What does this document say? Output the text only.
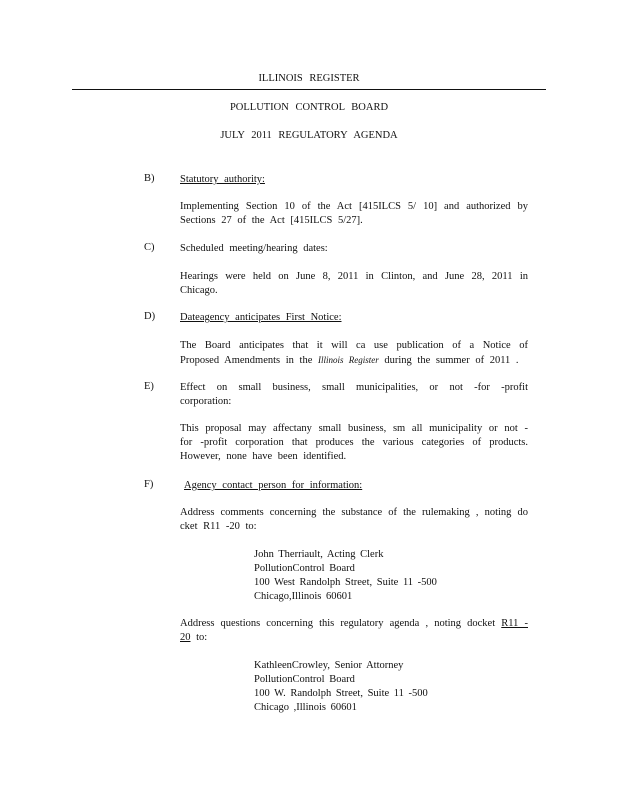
ILLINOIS REGISTER
POLLUTION CONTROL BOARD
JULY 2011 REGULATORY AGENDA
B) Statutory authority:
Implementing Section 10 of the Act [415ILCS 5/ 10] and authorized by Sections 27 of the Act [415ILCS 5/27].
C) Scheduled meeting/hearing dates:
Hearings were held on June 8, 2011 in Clinton, and June 28, 2011 in Chicago.
D) Dateagency anticipates First Notice:
The Board anticipates that it will ca use publication of a Notice of Proposed Amendments in the Illinois Register during the summer of 2011 .
E) Effect on small business, small municipalities, or not -for -profit corporation:
This proposal may affectany small business, sm all municipality or not -for -profit corporation that produces the various categories of products. However, none have been identified.
F)	Agency contact person for information:
Address comments concerning the substance of the rulemaking , noting do cket R11 -20 to:
John Therriault, Acting Clerk
PollutionControl Board
100 West Randolph Street, Suite 11 -500
Chicago,Illinois 60601
Address questions concerning this regulatory agenda , noting docket R11 - 20 to:
KathleenCrowley, Senior Attorney
PollutionControl Board
100 W. Randolph Street, Suite 11 -500
Chicago ,Illinois 60601
